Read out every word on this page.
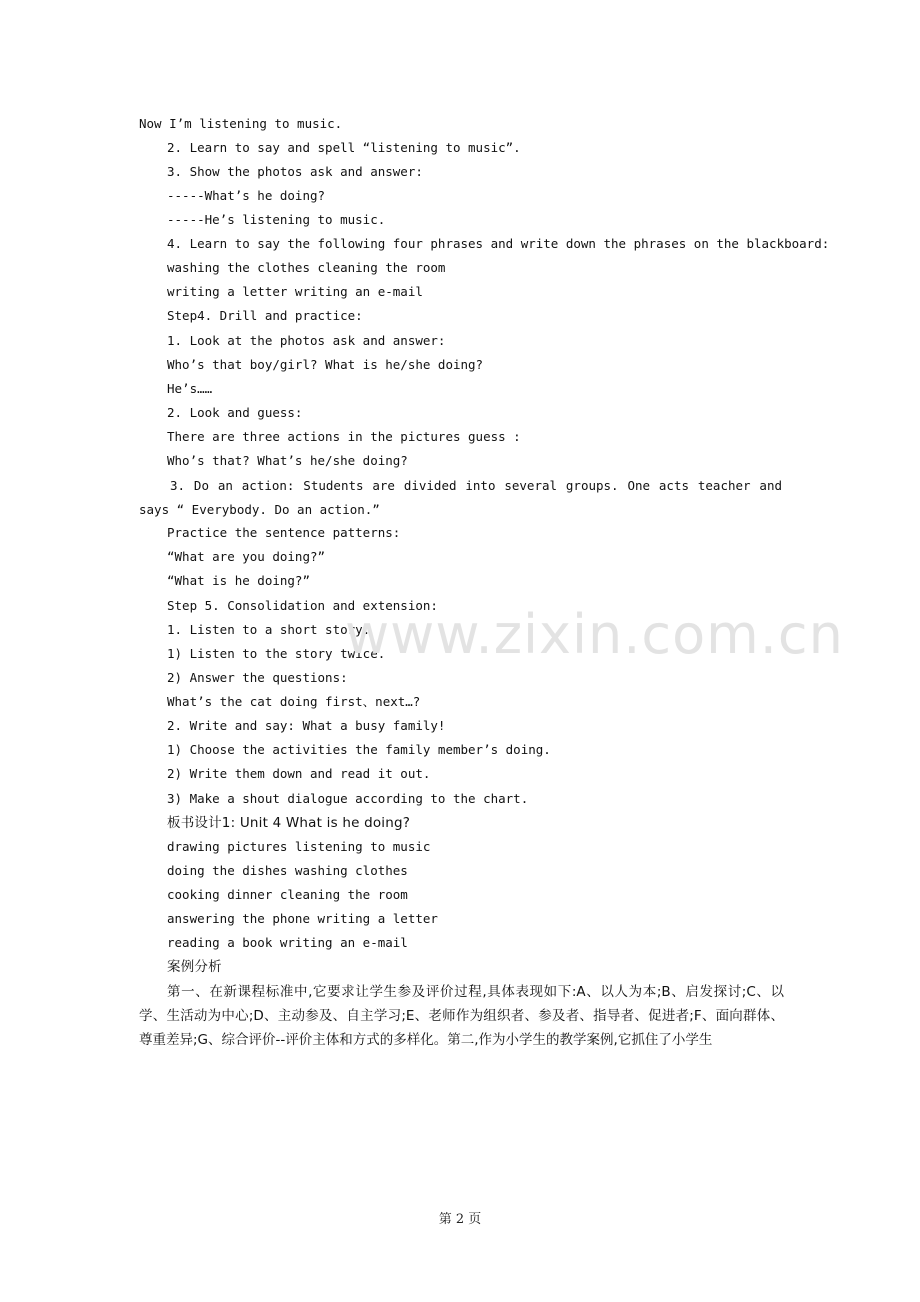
Now I’m listening to music.
2. Learn to say and spell “listening to music”.
3. Show the photos ask and answer:
-----What’s he doing?
-----He’s listening to music.
4. Learn to say the following four phrases and write down the phrases on the blackboard:
washing the clothes cleaning the room
writing a letter writing an e-mail
Step4. Drill and practice:
1. Look at the photos ask and answer:
Who’s that boy/girl? What is he/she doing?
He’s……
2. Look and guess:
There are three actions in the pictures guess :
Who’s that? What’s he/she doing?
3. Do an action: Students are divided into several groups. One acts teacher and says “ Everybody. Do an action.”
Practice the sentence patterns:
“What are you doing?”
“What is he doing?”
Step 5. Consolidation and extension:
1. Listen to a short story.
1) Listen to the story twice.
2) Answer the questions:
What’s the cat doing first、next…?
2. Write and say: What a busy family!
1) Choose the activities the family member’s doing.
2) Write them down and read it out.
3) Make a shout dialogue according to the chart.
板书设计1: Unit 4 What is he doing?
drawing pictures listening to music
doing the dishes washing clothes
cooking dinner cleaning the room
answering the phone writing a letter
reading a book writing an e-mail
案例分析
第一、在新课程标准中,它要求让学生参及评价过程,具体表现如下:A、以人为本;B、启发探讨;C、以学、生活动为中心;D、主动参及、自主学习;E、老师作为组织者、参及者、指导者、促进者;F、面向群体、尊重差异;G、综合评价--评价主体和方式的多样化。第二,作为小学生的教学案例,它抓住了小学生
www.zixin.com.cn
第 2 页
